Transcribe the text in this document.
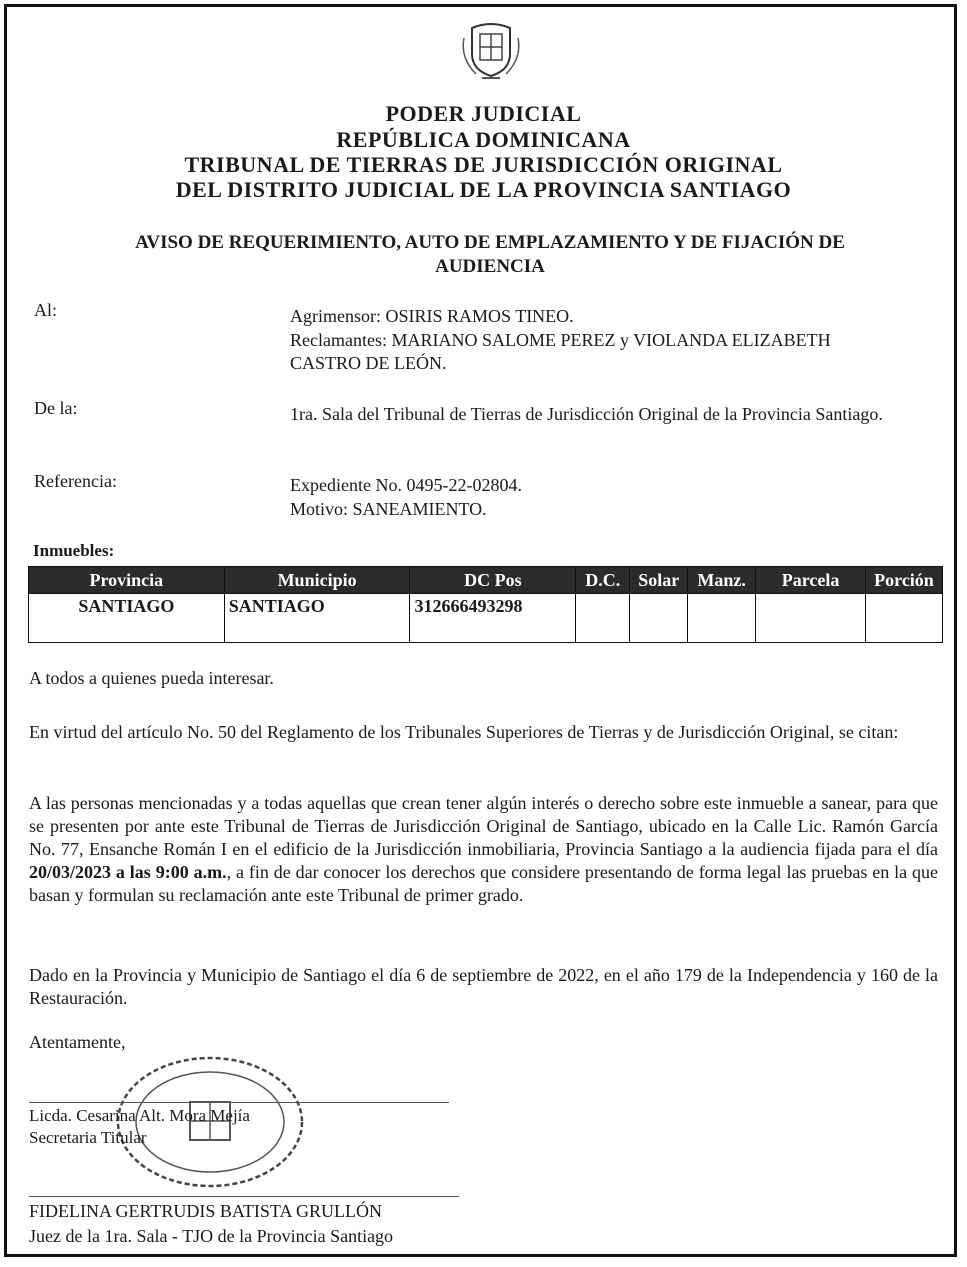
PODER JUDICIAL
REPÚBLICA DOMINICANA
TRIBUNAL DE TIERRAS DE JURISDICCIÓN ORIGINAL
DEL DISTRITO JUDICIAL DE LA PROVINCIA SANTIAGO
AVISO DE REQUERIMIENTO, AUTO DE EMPLAZAMIENTO Y DE FIJACIÓN DE
AUDIENCIA
Al:	Agrimensor: OSIRIS RAMOS TINEO.
Reclamantes: MARIANO SALOME PEREZ y VIOLANDA ELIZABETH
CASTRO DE LEÓN.
De la:	1ra. Sala del Tribunal de Tierras de Jurisdicción Original de la Provincia Santiago.
Referencia:	Expediente No. 0495-22-02804.
Motivo: SANEAMIENTO.
Inmuebles:
Provincia	Municipio	DC Pos	D.C.	Solar	Manz.	Parcela	Porción
SANTIAGO	SANTIAGO	312666493298					
A todos a quienes pueda interesar.
En virtud del artículo No. 50 del Reglamento de los Tribunales Superiores de Tierras y de Jurisdicción Original, se citan:
A las personas mencionadas y a todas aquellas que crean tener algún interés o derecho sobre este inmueble a sanear, para que se presenten por ante este Tribunal de Tierras de Jurisdicción Original de Santiago, ubicado en la Calle Lic. Ramón García No. 77, Ensanche Román I en el edificio de la Jurisdicción inmobiliaria, Provincia Santiago a la audiencia fijada para el día 20/03/2023 a las 9:00 a.m., a fin de dar conocer los derechos que considere presentando de forma legal las pruebas en la que basan y formulan su reclamación ante este Tribunal de primer grado.
Dado en la Provincia y Municipio de Santiago el día 6 de septiembre de 2022, en el año 179 de la Independencia y 160 de la Restauración.
Atentamente,
Licda. Cesarina Alt. Mora Mejía
Secretaria Titular
FIDELINA GERTRUDIS BATISTA GRULLÓN
Juez de la 1ra. Sala - TJO de la Provincia Santiago
